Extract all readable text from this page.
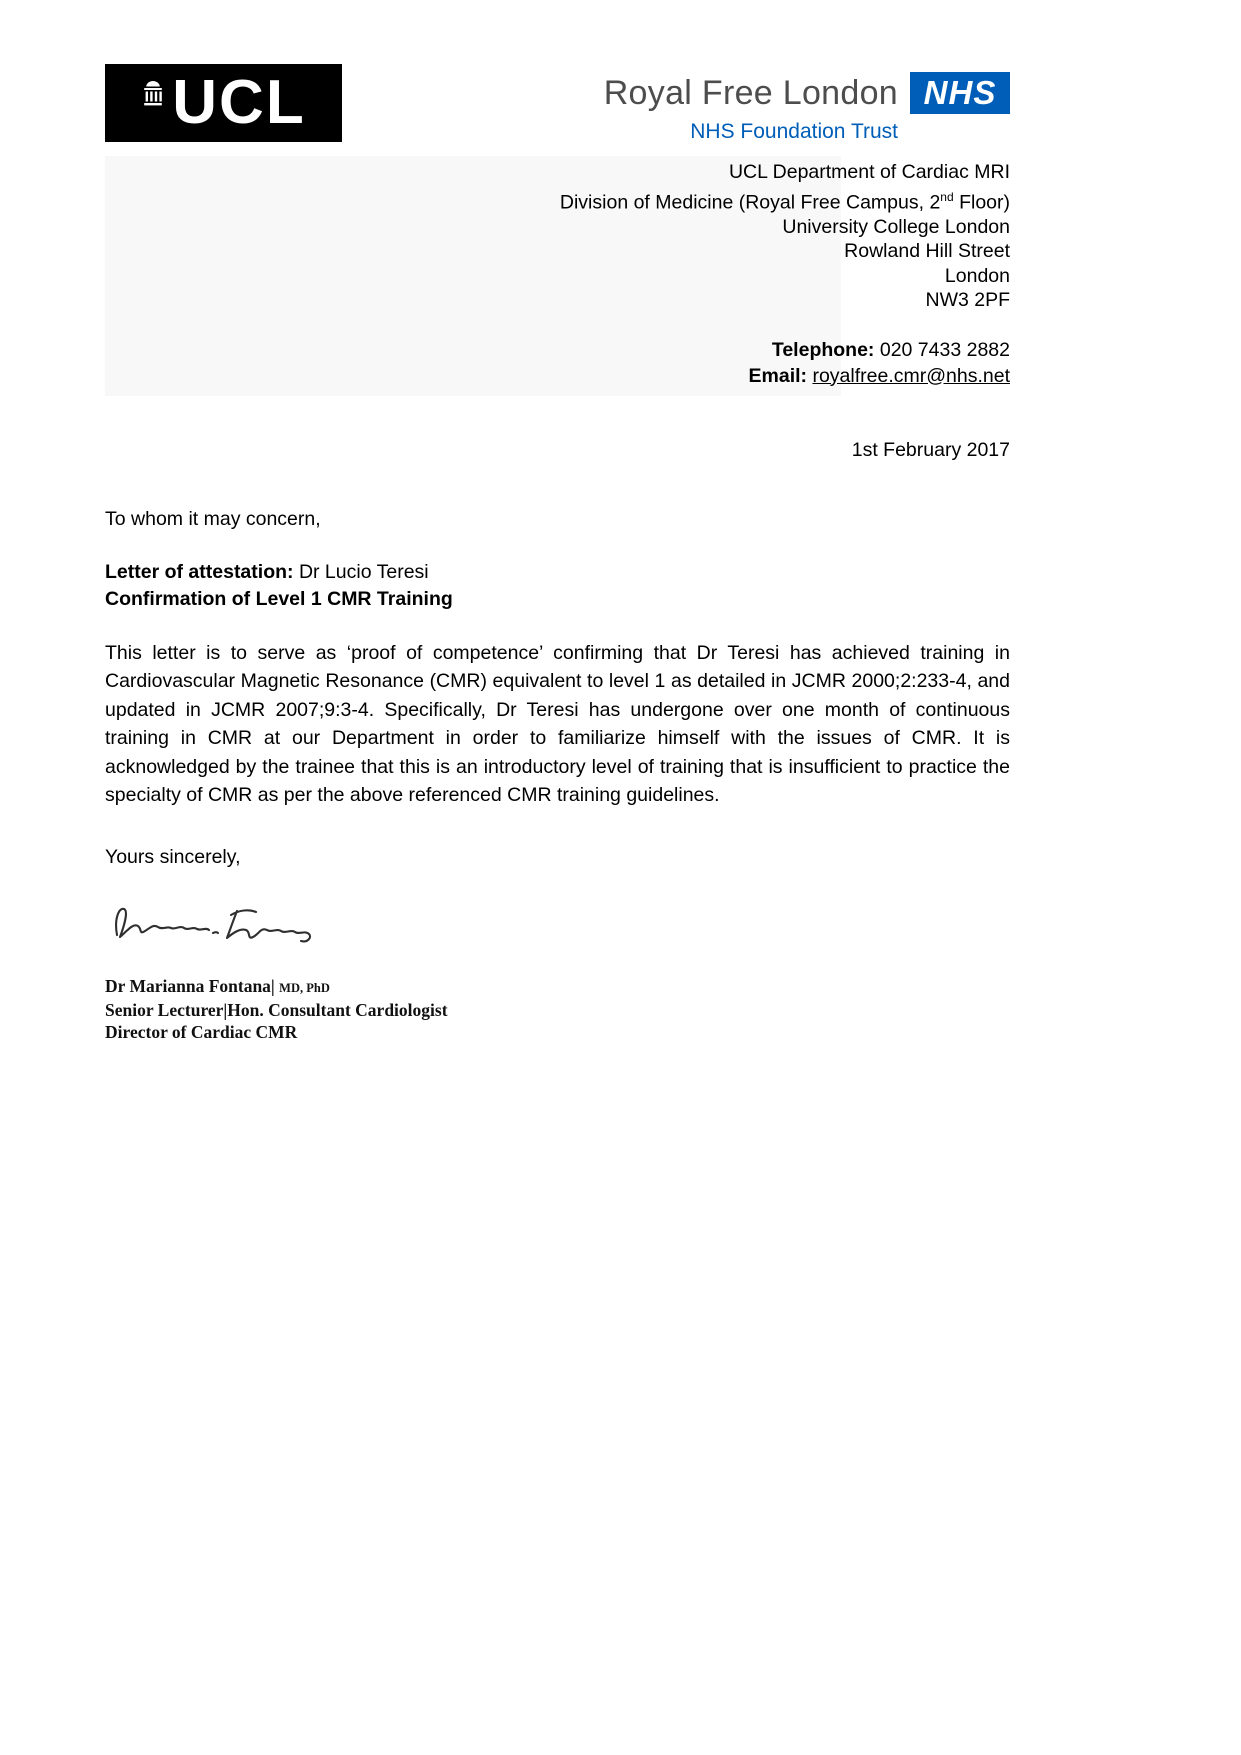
UCL	Royal Free London NHS
NHS Foundation Trust
UCL Department of Cardiac MRI
Division of Medicine (Royal Free Campus, 2nd Floor)
University College London
Rowland Hill Street
London
NW3 2PF
Telephone: 020 7433 2882
Email: royalfree.cmr@nhs.net
1st February 2017
To whom it may concern,
Letter of attestation: Dr Lucio Teresi
Confirmation of Level 1 CMR Training
This letter is to serve as ‘proof of competence’ confirming that Dr Teresi has achieved training in Cardiovascular Magnetic Resonance (CMR) equivalent to level 1 as detailed in JCMR 2000;2:233-4, and updated in JCMR 2007;9:3-4. Specifically, Dr Teresi has undergone over one month of continuous training in CMR at our Department in order to familiarize himself with the issues of CMR. It is acknowledged by the trainee that this is an introductory level of training that is insufficient to practice the specialty of CMR as per the above referenced CMR training guidelines.
Yours sincerely,
Dr Marianna Fontana| MD, PhD
Senior Lecturer|Hon. Consultant Cardiologist
Director of Cardiac CMR
